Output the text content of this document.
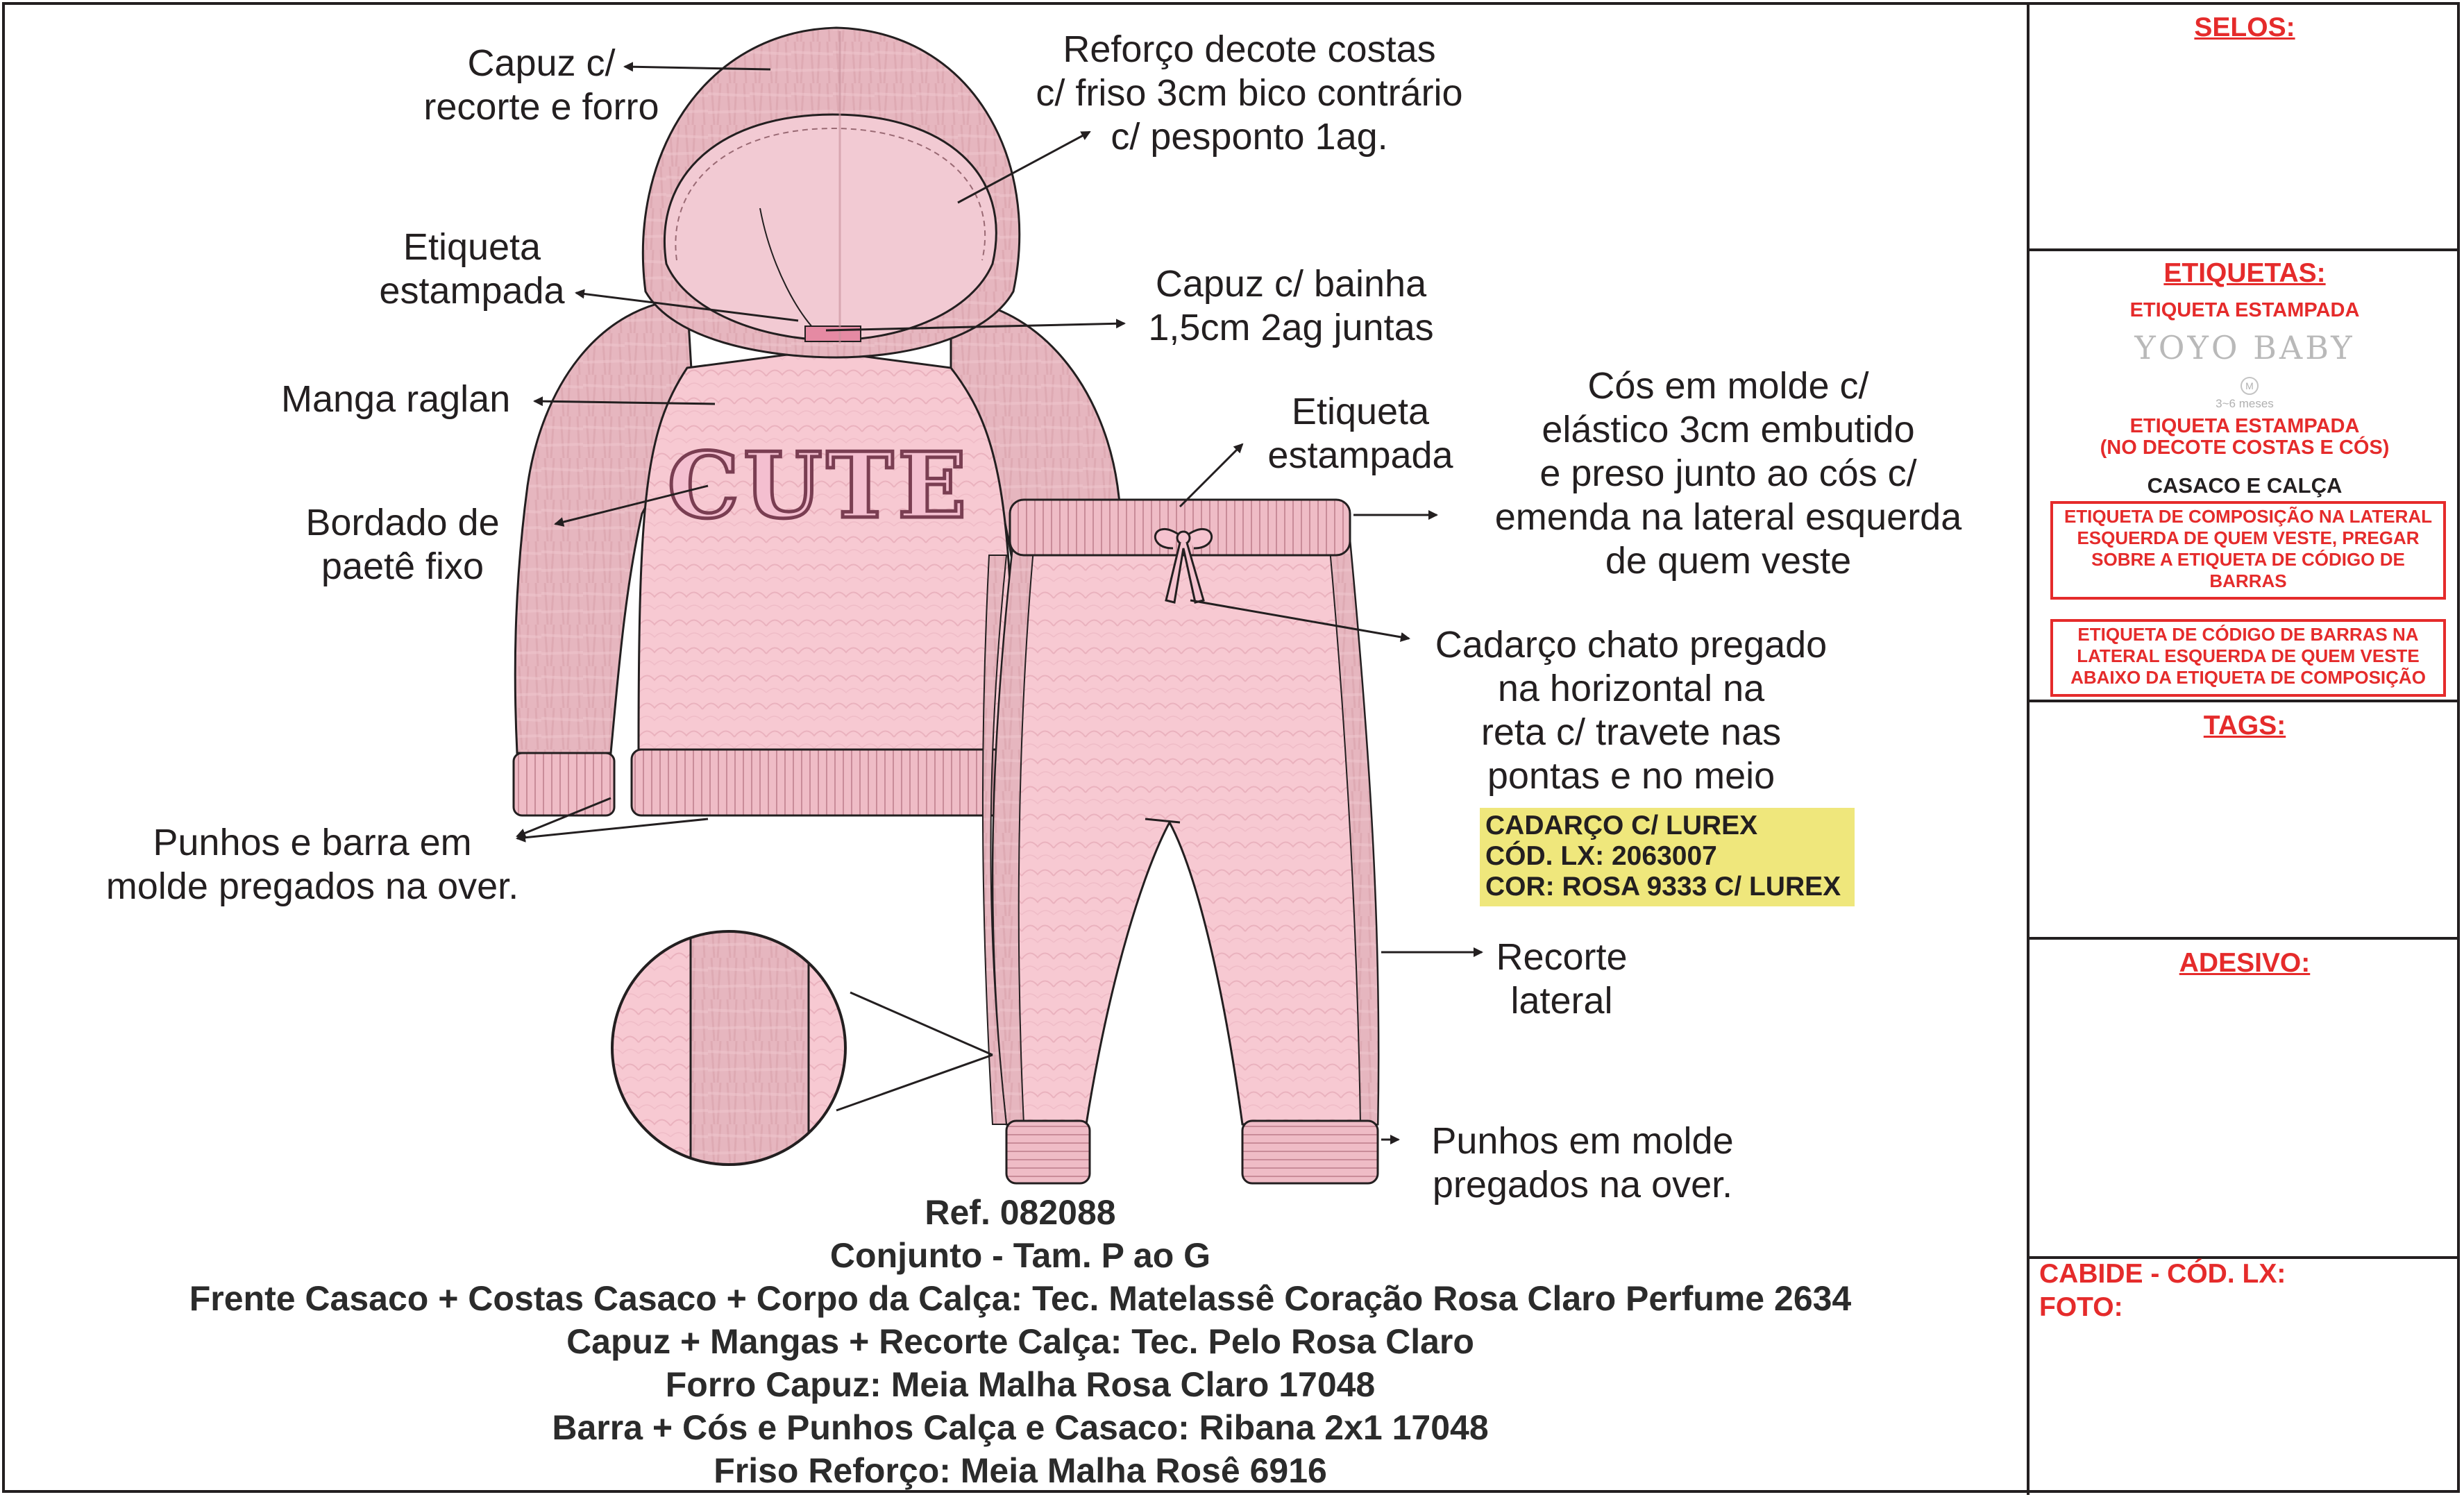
CUTE
Capuz c/
recorte e forro
Reforço decote costas
c/ friso 3cm bico contrário
c/ pesponto 1ag.
Etiqueta
estampada	Capuz c/ bainha
1,5cm 2ag juntas
Manga raglan	Etiqueta
estampada
Cós em molde c/
elástico 3cm embutido
e preso junto ao cós c/
emenda na lateral esquerda
de quem veste
Bordado de
paetê fixo
Cadarço chato pregado
na horizontal na
reta c/ travete nas
pontas e no meio
Punhos e barra em
molde pregados na over.
Recorte
lateral
Punhos em molde
pregados na over.
CADARÇO C/ LUREX
CÓD. LX: 2063007
COR: ROSA 9333 C/ LUREX
Ref. 082088
Conjunto - Tam. P ao G
Frente Casaco + Costas Casaco + Corpo da Calça: Tec. Matelassê Coração Rosa Claro Perfume 2634
Capuz + Mangas + Recorte Calça: Tec. Pelo Rosa Claro
Forro Capuz: Meia Malha Rosa Claro 17048
Barra + Cós e Punhos Calça e Casaco: Ribana 2x1 17048
Friso Reforço: Meia Malha Rosê 6916
SELOS:
ETIQUETAS:
ETIQUETA ESTAMPADA
YOYO BABY
M
3~6 meses
ETIQUETA ESTAMPADA
(NO DECOTE COSTAS E CÓS)
CASACO E CALÇA
ETIQUETA DE COMPOSIÇÃO NA LATERAL ESQUERDA DE QUEM VESTE, PREGAR SOBRE A ETIQUETA DE CÓDIGO DE BARRAS
ETIQUETA DE CÓDIGO DE BARRAS NA LATERAL ESQUERDA DE QUEM VESTE ABAIXO DA ETIQUETA DE COMPOSIÇÃO
TAGS:
ADESIVO:
CABIDE - CÓD. LX:
FOTO:
